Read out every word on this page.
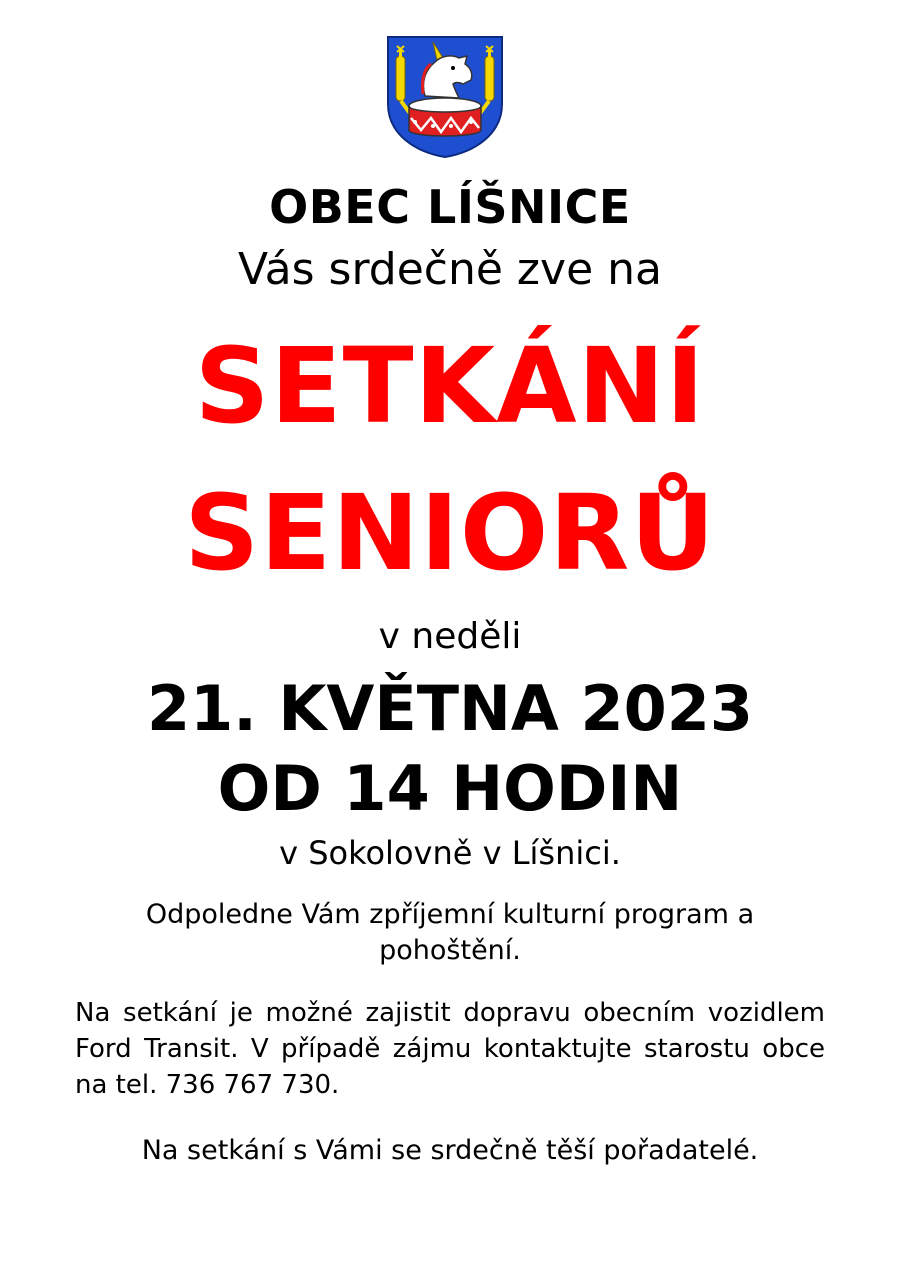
OBEC LÍŠNICE
Vás srdečně zve na
SETKÁNÍ
SENIORŮ
v neděli
21. KVĚTNA 2023
OD 14 HODIN
v Sokolovně v Líšnici.
Odpoledne Vám zpříjemní kulturní program a pohoštění.
Na setkání je možné zajistit dopravu obecním vozidlem Ford Transit. V případě zájmu kontaktujte starostu obce na tel. 736 767 730.
Na setkání s Vámi se srdečně těší pořadatelé.
